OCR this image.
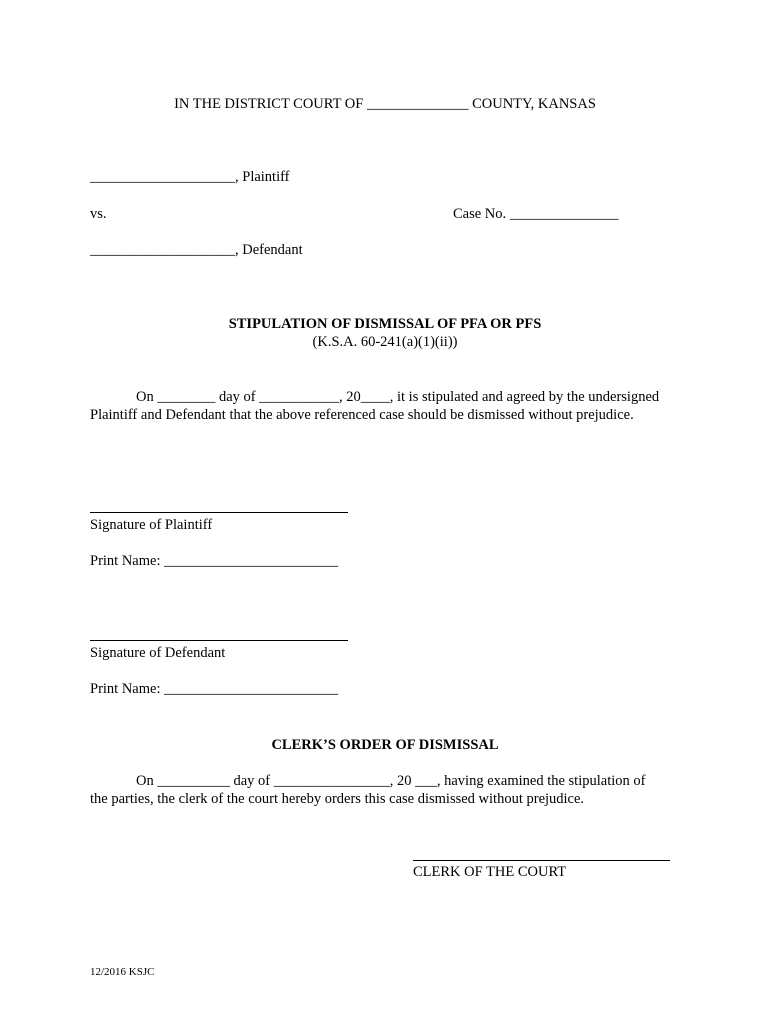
IN THE DISTRICT COURT OF ______________ COUNTY, KANSAS
____________________, Plaintiff
vs.	Case No. _______________
____________________, Defendant
STIPULATION OF DISMISSAL OF PFA OR PFS
(K.S.A. 60-241(a)(1)(ii))
On ________ day of ___________, 20____, it is stipulated and agreed by the undersigned
Plaintiff and Defendant that the above referenced case should be dismissed without prejudice.
Signature of Plaintiff
Print Name: ________________________
Signature of Defendant
Print Name: ________________________
CLERK’S ORDER OF DISMISSAL
On __________ day of ________________, 20 ___, having examined the stipulation of
the parties, the clerk of the court hereby orders this case dismissed without prejudice.
CLERK OF THE COURT
12/2016 KSJC
